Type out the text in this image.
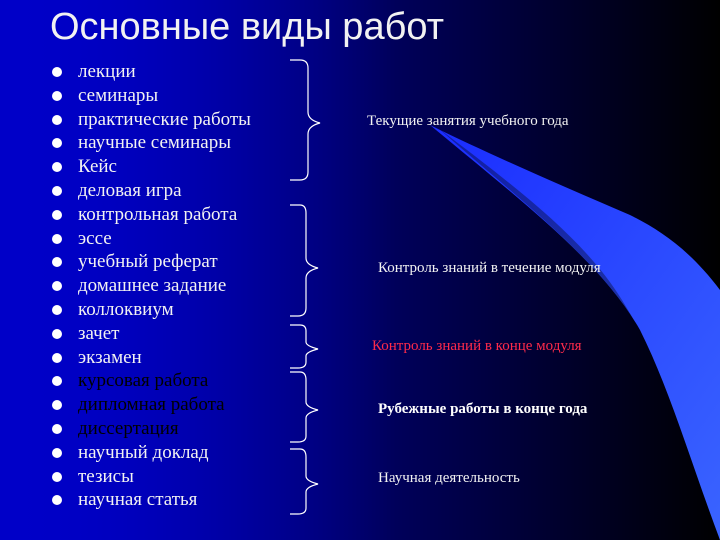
Основные виды работ
лекции
семинары
практические работы
научные семинары
Кейс
деловая игра
контрольная работа
эссе
учебный реферат
домашнее задание
коллоквиум
зачет
экзамен
курсовая работа
дипломная работа
диссертация
научный доклад
тезисы
научная статья
Текущие занятия учебного года
Контроль знаний в течение модуля
Контроль знаний в конце модуля
Рубежные работы в конце года
Научная деятельность
